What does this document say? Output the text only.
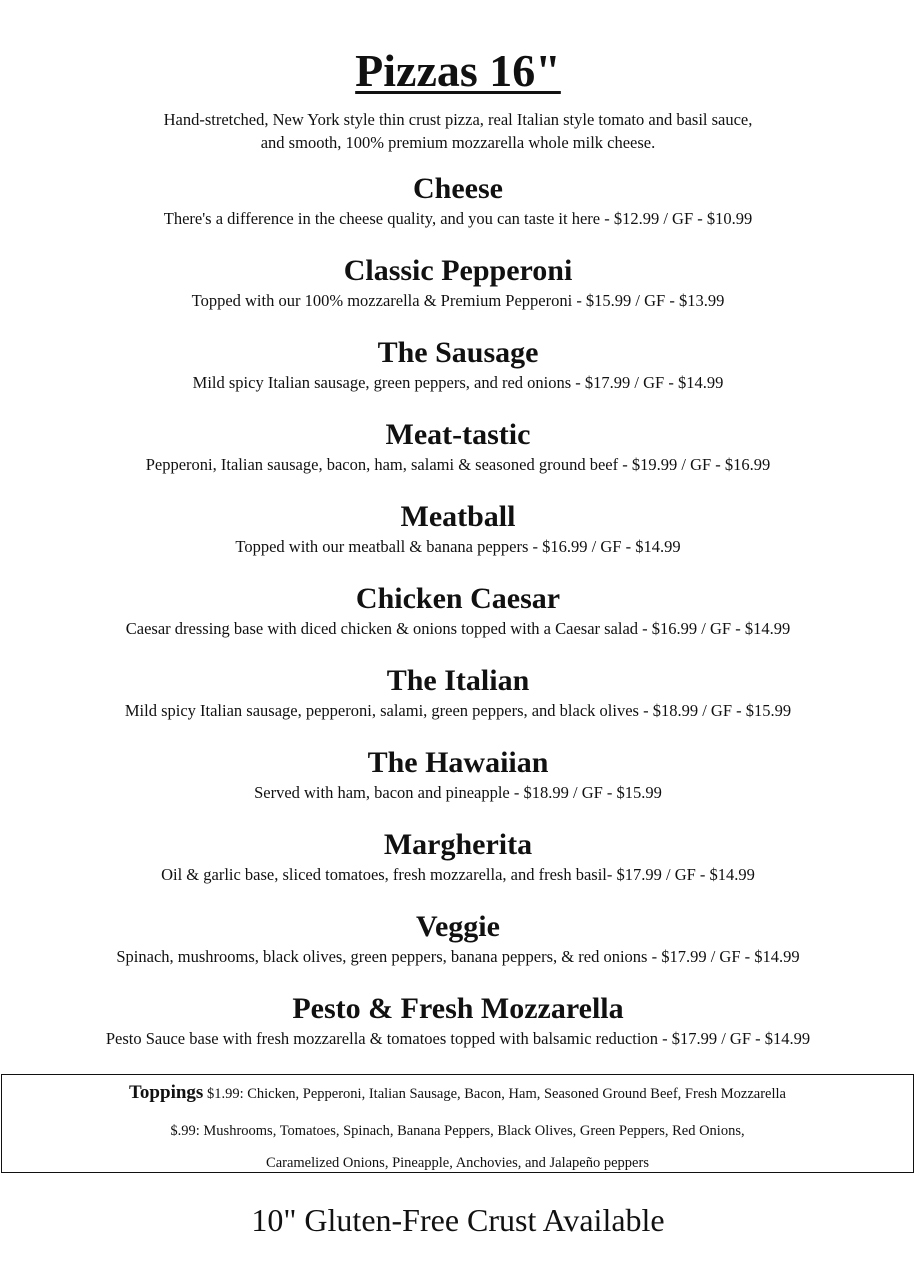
Pizzas 16"
Hand-stretched, New York style thin crust pizza, real Italian style tomato and basil sauce,
and smooth, 100% premium mozzarella whole milk cheese.
Cheese
There's a difference in the cheese quality, and you can taste it here - $12.99 / GF - $10.99
Classic Pepperoni
Topped with our 100% mozzarella & Premium Pepperoni - $15.99 / GF - $13.99
The Sausage
Mild spicy Italian sausage, green peppers, and red onions - $17.99 / GF - $14.99
Meat-tastic
Pepperoni, Italian sausage, bacon, ham, salami & seasoned ground beef - $19.99 / GF - $16.99
Meatball
Topped with our meatball & banana peppers - $16.99 / GF - $14.99
Chicken Caesar
Caesar dressing base with diced chicken & onions topped with a Caesar salad - $16.99 / GF - $14.99
The Italian
Mild spicy Italian sausage, pepperoni, salami, green peppers, and black olives - $18.99 / GF - $15.99
The Hawaiian
Served with ham, bacon and pineapple - $18.99 / GF - $15.99
Margherita
Oil & garlic base, sliced tomatoes, fresh mozzarella, and fresh basil- $17.99 / GF - $14.99
Veggie
Spinach, mushrooms, black olives, green peppers, banana peppers, & red onions - $17.99 / GF - $14.99
Pesto & Fresh Mozzarella
Pesto Sauce base with fresh mozzarella & tomatoes topped with balsamic reduction - $17.99 / GF - $14.99
Toppings $1.99: Chicken, Pepperoni, Italian Sausage, Bacon, Ham, Seasoned Ground Beef, Fresh Mozzarella
$.99: Mushrooms, Tomatoes, Spinach, Banana Peppers, Black Olives, Green Peppers, Red Onions,
Caramelized Onions, Pineapple, Anchovies, and Jalapeño peppers
10" Gluten-Free Crust Available
